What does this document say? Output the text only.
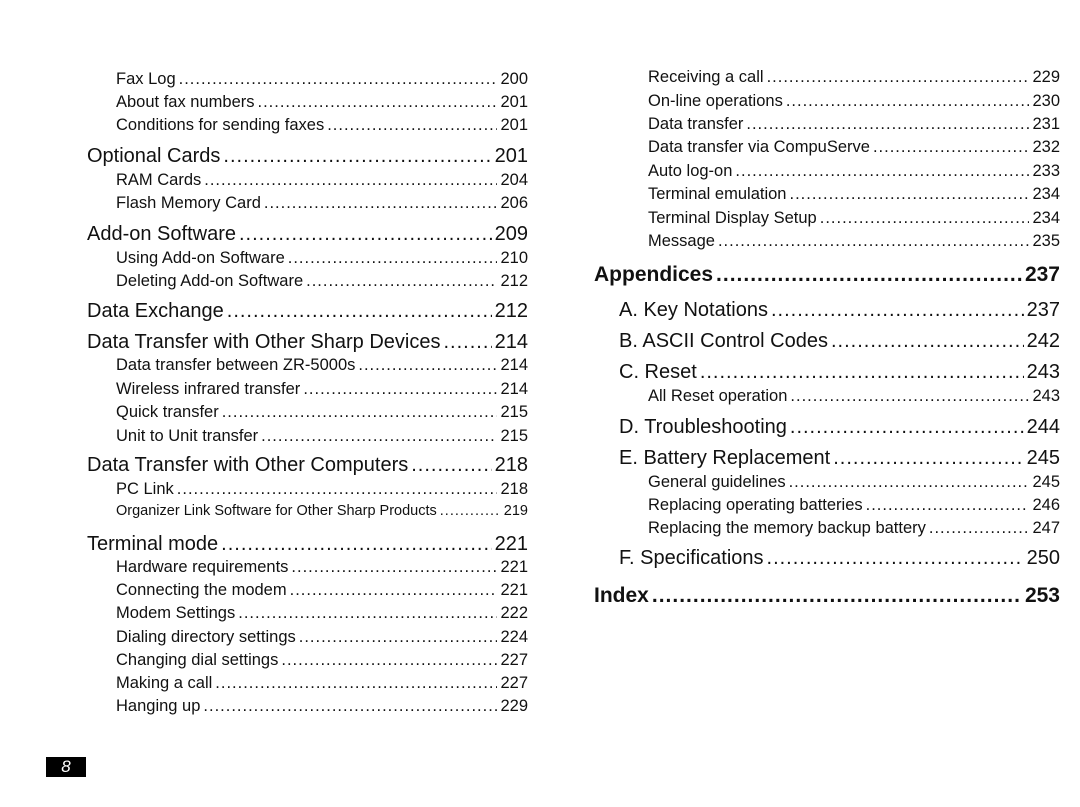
Fax Log .....	200
About fax numbers .....	201
Conditions for sending faxes .....	201
Optional Cards .....	201
RAM Cards .....	204
Flash Memory Card .....	206
Add-on Software .....	209
Using Add-on Software .....	210
Deleting Add-on Software .....	212
Data Exchange .....	212
Data Transfer with Other Sharp Devices .....	214
Data transfer between ZR-5000s .....	214
Wireless infrared transfer .....	214
Quick transfer .....	215
Unit to Unit transfer .....	215
Data Transfer with Other Computers .....	218
PC Link .....	218
Organizer Link Software for Other Sharp Products .....	219
Terminal mode .....	221
Hardware requirements .....	221
Connecting the modem .....	221
Modem Settings .....	222
Dialing directory settings .....	224
Changing dial settings .....	227
Making a call .....	227
Hanging up .....	229
Receiving a call .....	229
On-line operations .....	230
Data transfer .....	231
Data transfer via CompuServe .....	232
Auto log-on .....	233
Terminal emulation .....	234
Terminal Display Setup .....	234
Message .....	235
Appendices .....	237
A. Key Notations .....	237
B. ASCII Control Codes .....	242
C. Reset .....	243
All Reset operation .....	243
D. Troubleshooting .....	244
E. Battery Replacement .....	245
General guidelines .....	245
Replacing operating batteries .....	246
Replacing the memory backup battery .....	247
F. Specifications .....	250
Index .....	253
8
